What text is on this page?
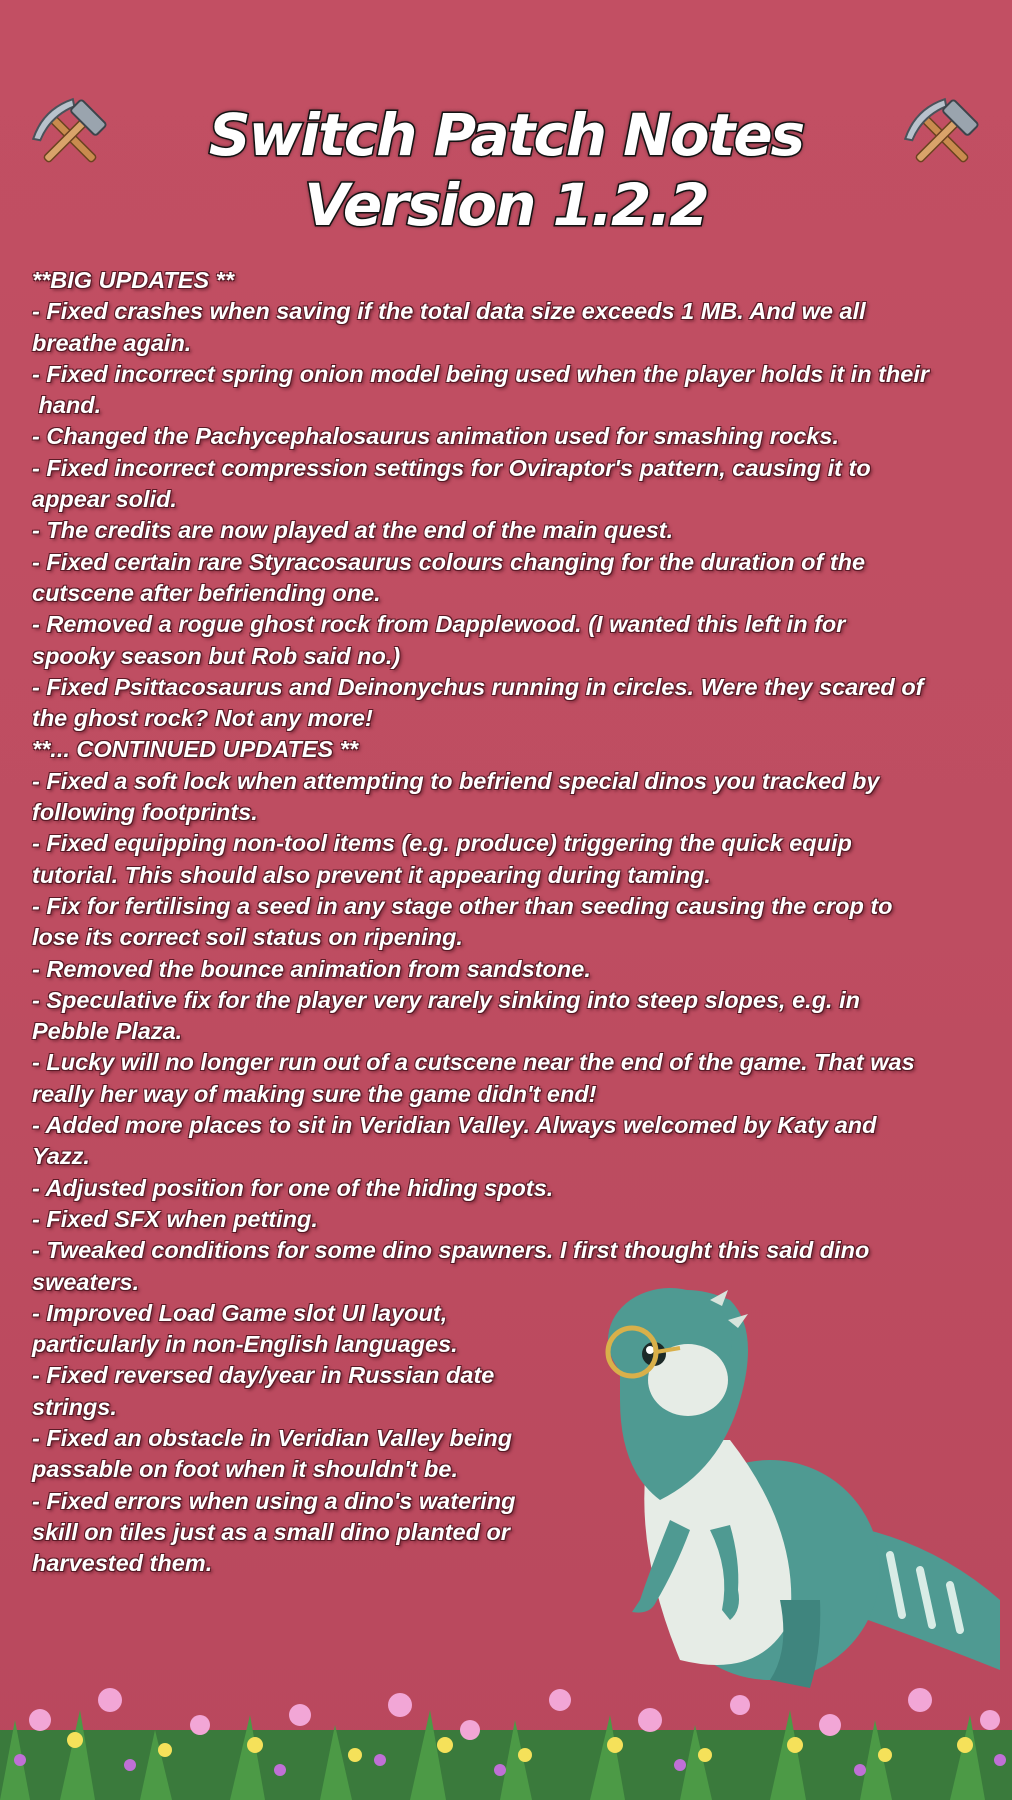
Switch Patch Notes Version 1.2.2
**BIG UPDATES **
- Fixed crashes when saving if the total data size exceeds 1 MB. And we all
breathe again.
- Fixed incorrect spring onion model being used when the player holds it in their
hand.
- Changed the Pachycephalosaurus animation used for smashing rocks.
- Fixed incorrect compression settings for Oviraptor's pattern, causing it to
appear solid.
- The credits are now played at the end of the main quest.
- Fixed certain rare Styracosaurus colours changing for the duration of the
cutscene after befriending one.
- Removed a rogue ghost rock from Dapplewood. (I wanted this left in for
spooky season but Rob said no.)
- Fixed Psittacosaurus and Deinonychus running in circles. Were they scared of
the ghost rock? Not any more!
**... CONTINUED UPDATES **
- Fixed a soft lock when attempting to befriend special dinos you tracked by
following footprints.
- Fixed equipping non-tool items (e.g. produce) triggering the quick equip
tutorial. This should also prevent it appearing during taming.
- Fix for fertilising a seed in any stage other than seeding causing the crop to
lose its correct soil status on ripening.
- Removed the bounce animation from sandstone.
- Speculative fix for the player very rarely sinking into steep slopes, e.g. in
Pebble Plaza.
- Lucky will no longer run out of a cutscene near the end of the game. That was
really her way of making sure the game didn't end!
- Added more places to sit in Veridian Valley. Always welcomed by Katy and
Yazz.
- Adjusted position for one of the hiding spots.
- Fixed SFX when petting.
- Tweaked conditions for some dino spawners. I first thought this said dino
sweaters.
- Improved Load Game slot UI layout,
particularly in non-English languages.
- Fixed reversed day/year in Russian date
strings.
- Fixed an obstacle in Veridian Valley being
passable on foot when it shouldn't be.
- Fixed errors when using a dino's watering
skill on tiles just as a small dino planted or
harvested them.
